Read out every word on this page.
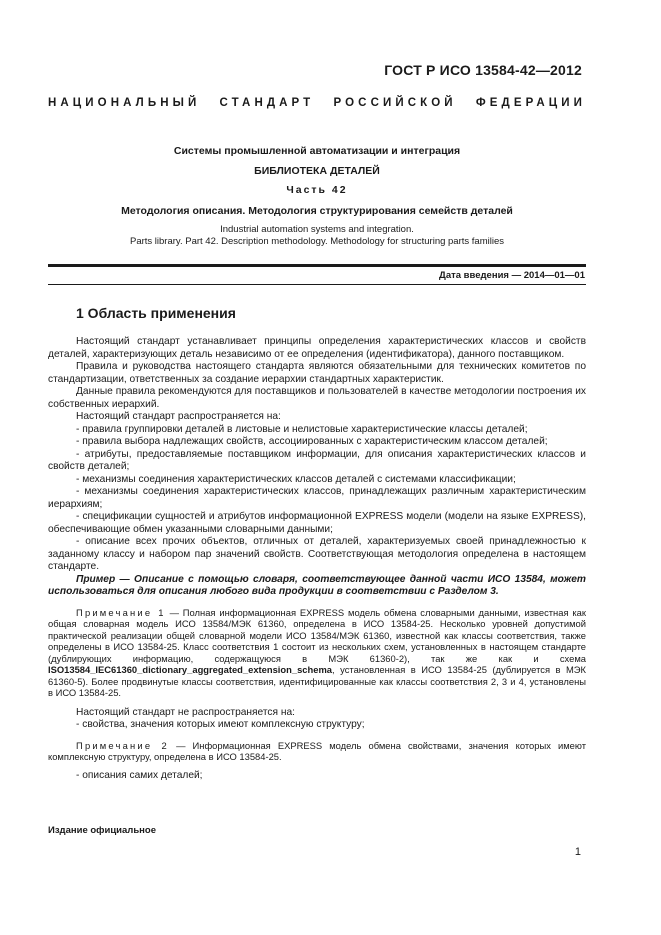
ГОСТ Р ИСО 13584-42—2012
НАЦИОНАЛЬНЫЙ СТАНДАРТ РОССИЙСКОЙ ФЕДЕРАЦИИ
Системы промышленной автоматизации и интеграция
БИБЛИОТЕКА ДЕТАЛЕЙ
Часть 42
Методология описания. Методология структурирования семейств деталей
Industrial automation systems and integration.
Parts library. Part 42. Description methodology. Methodology for structuring parts families
Дата введения — 2014—01—01
1 Область применения

Настоящий стандарт устанавливает принципы определения характеристических классов и свойств деталей, характеризующих деталь независимо от ее определения (идентификатора), данного поставщиком.

Правила и руководства настоящего стандарта являются обязательными для технических комитетов по стандартизации, ответственных за создание иерархии стандартных характеристик.

Данные правила рекомендуются для поставщиков и пользователей в качестве методологии построения их собственных иерархий.

Настоящий стандарт распространяется на:

- правила группировки деталей в листовые и нелистовые характеристические классы деталей;

- правила выбора надлежащих свойств, ассоциированных с характеристическим классом деталей;

- атрибуты, предоставляемые поставщиком информации, для описания характеристических классов и свойств деталей;

- механизмы соединения характеристических классов деталей с системами классификации;

- механизмы соединения характеристических классов, принадлежащих различным характеристическим иерархиям;

- спецификации сущностей и атрибутов информационной EXPRESS модели (модели на языке EXPRESS), обеспечивающие обмен указанными словарными данными;

- описание всех прочих объектов, отличных от деталей, характеризуемых своей принадлежностью к заданному классу и набором пар значений свойств. Соответствующая методология определена в настоящем стандарте.

Пример — Описание с помощью словаря, соответствующее данной части ИСО 13584, может использоваться для описания любого вида продукции в соответствии с Разделом 3.

Примечание 1 — Полная информационная EXPRESS модель обмена словарными данными, известная как общая словарная модель ИСО 13584/МЭК 61360, определена в ИСО 13584-25. Несколько уровней допустимой практической реализации общей словарной модели ИСО 13584/МЭК 61360, известной как классы соответствия, также определены в ИСО 13584-25. Класс соответствия 1 состоит из нескольких схем, установленных в настоящем стандарте (дублирующих информацию, содержащуюся в МЭК 61360-2), так же как и схема ISO13584_IEC61360_dictionary_aggregated_extension_schema, установленная в ИСО 13584-25 (дублируется в МЭК 61360-5). Более продвинутые классы соответствия, идентифицированные как классы соответствия 2, 3 и 4, установлены в ИСО 13584-25.

Настоящий стандарт не распространяется на:

- свойства, значения которых имеют комплексную структуру;

Примечание 2 — Информационная EXPRESS модель обмена свойствами, значения которых имеют комплексную структуру, определена в ИСО 13584-25.

- описания самих деталей;

Издание официальное
1
